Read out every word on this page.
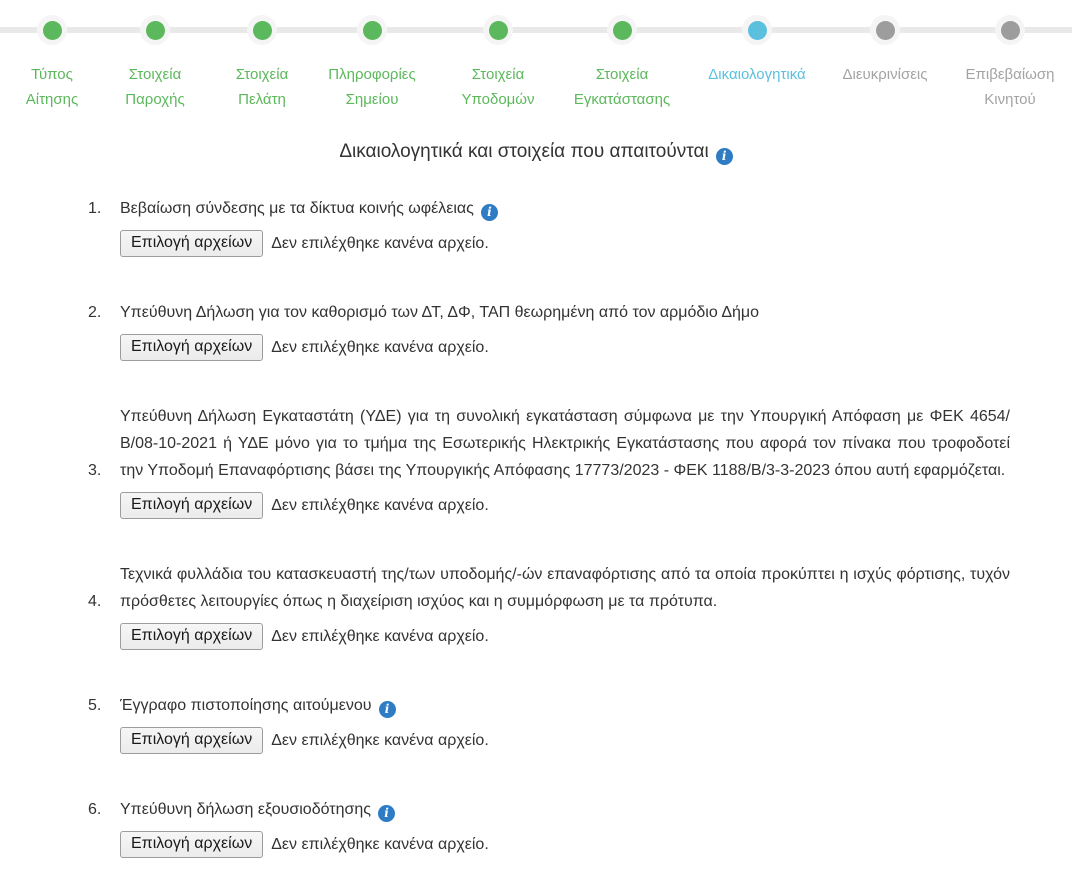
Τύπος Αίτησης
Στοιχεία Παροχής
Στοιχεία Πελάτη
Πληροφορίες Σημείου
Στοιχεία Υποδομών
Στοιχεία Εγκατάστασης
Δικαιολογητικά Διευκρινίσεις	Επιβεβαίωση Κινητού
Δικαιολογητικά και στοιχεία που απαιτούνται i
1.	Βεβαίωση σύνδεσης με τα δίκτυα κοινής ωφέλειας i
Επιλογή αρχείων	Δεν επιλέχθηκε κανένα αρχείο.
2.	Υπεύθυνη Δήλωση για τον καθορισμό των ΔΤ, ΔΦ, ΤΑΠ θεωρημένη από τον αρμόδιο Δήμο
Επιλογή αρχείων	Δεν επιλέχθηκε κανένα αρχείο.
3.
Υπεύθυνη Δήλωση Εγκαταστάτη (ΥΔΕ) για τη συνολική εγκατάσταση σύμφωνα με την Υπουργική Απόφαση με ΦΕΚ 4654/Β/08-10-2021 ή ΥΔΕ μόνο για το τμήμα της Εσωτερικής Ηλεκτρικής Εγκατάστασης που αφορά τον πίνακα που τροφοδοτεί την Υποδομή Επαναφόρτισης βάσει της Υπουργικής Απόφασης 17773/2023 - ΦΕΚ 1188/Β/3-3-2023 όπου αυτή εφαρμόζεται.
Επιλογή αρχείων	Δεν επιλέχθηκε κανένα αρχείο.
4.
Τεχνικά φυλλάδια του κατασκευαστή της/των υποδομής/-ών επαναφόρτισης από τα οποία προκύπτει η ισχύς φόρτισης, τυχόν πρόσθετες λειτουργίες όπως η διαχείριση ισχύος και η συμμόρφωση με τα πρότυπα.
Επιλογή αρχείων	Δεν επιλέχθηκε κανένα αρχείο.
5.	Έγγραφο πιστοποίησης αιτούμενου i
Επιλογή αρχείων	Δεν επιλέχθηκε κανένα αρχείο.
6.	Υπεύθυνη δήλωση εξουσιοδότησης i
Επιλογή αρχείων	Δεν επιλέχθηκε κανένα αρχείο.
